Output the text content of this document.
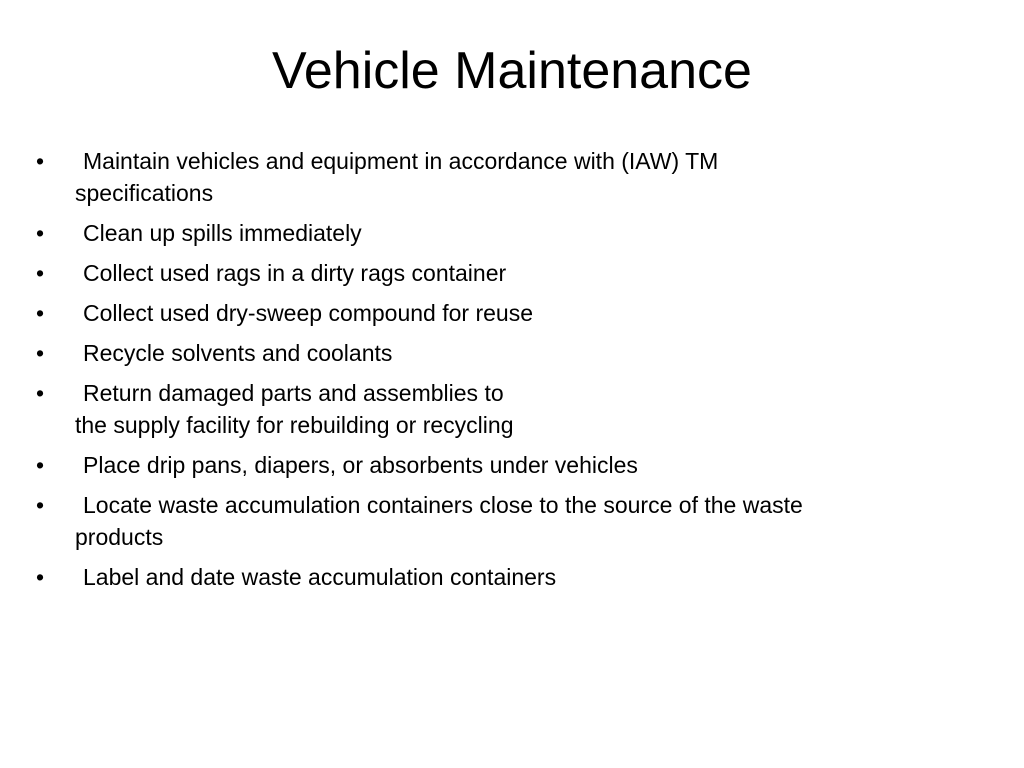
Vehicle Maintenance
•	Maintain vehicles and equipment in accordance with (IAW) TM
specifications
•	Clean up spills immediately
•	Collect used rags in a dirty rags container
•	Collect used dry-sweep compound for reuse
•	Recycle solvents and coolants
•	Return damaged parts and assemblies to
the supply facility for rebuilding or recycling
•	Place drip pans, diapers, or absorbents under vehicles
•	Locate waste accumulation containers close to the source of the waste
products
•	Label and date waste accumulation containers
